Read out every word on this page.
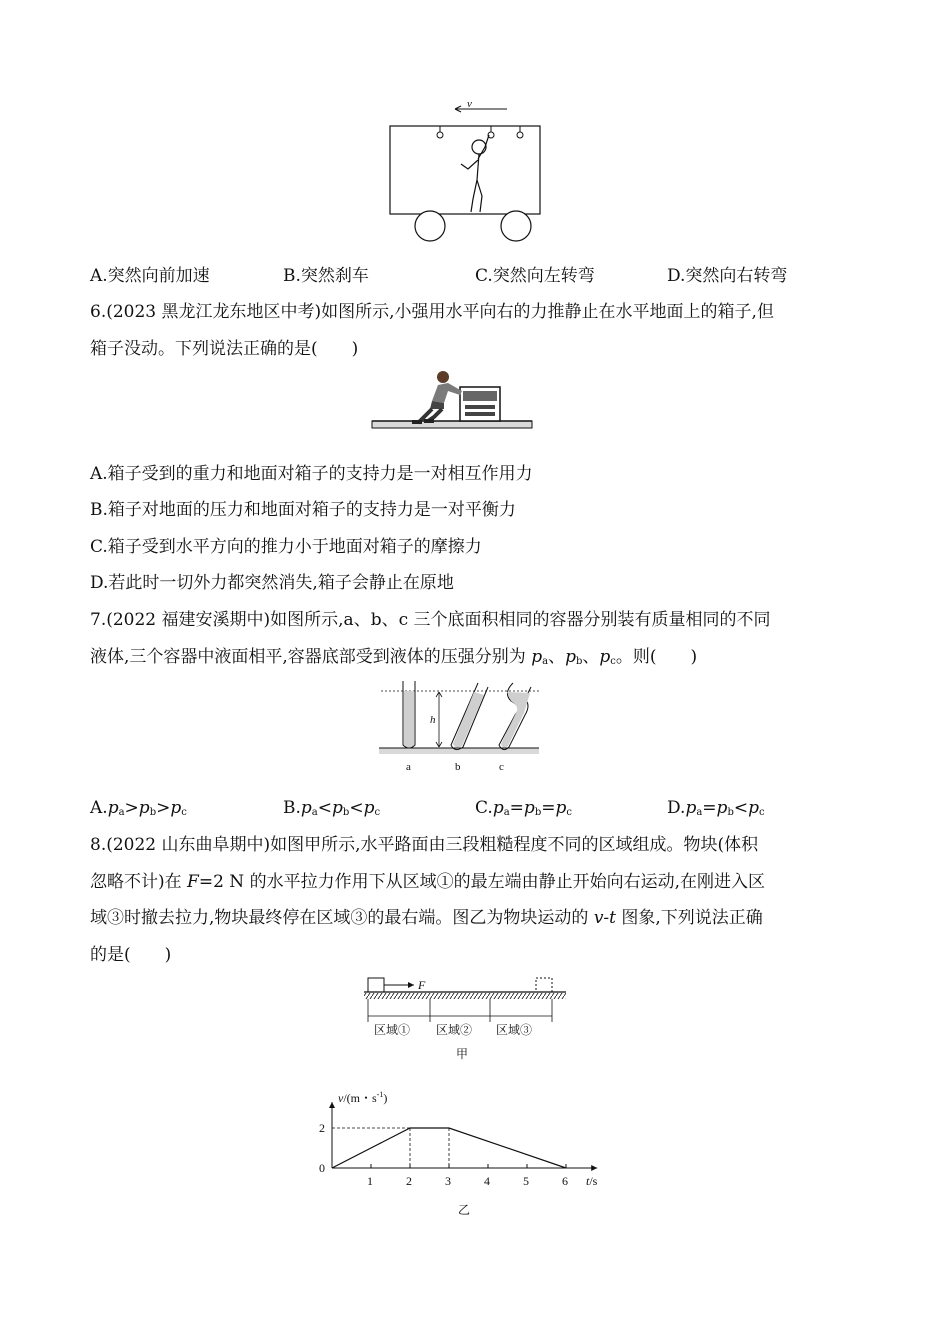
v
A.突然向前加速	B.突然刹车	C.突然向左转弯	D.突然向右转弯
6.(2023 黑龙江龙东地区中考)如图所示,小强用水平向右的力推静止在水平地面上的箱子,但
箱子没动。下列说法正确的是(　　)
A.箱子受到的重力和地面对箱子的支持力是一对相互作用力
B.箱子对地面的压力和地面对箱子的支持力是一对平衡力
C.箱子受到水平方向的推力小于地面对箱子的摩擦力
D.若此时一切外力都突然消失,箱子会静止在原地
7.(2022 福建安溪期中)如图所示,a、b、c 三个底面积相同的容器分别装有质量相同的不同
液体,三个容器中液面相平,容器底部受到液体的压强分别为 $p_a$、$p_b$、$p_c$。则(　　)
h
a	b	c
$A.p_a>p_b>p_c$	$B.p_a<p_b<p_c$	$C.p_a=p_b=p_c$	$D.p_a=p_b<p_c$
8.(2022 山东曲阜期中)如图甲所示,水平路面由三段粗糙程度不同的区域组成。物块(体积
忽略不计)在 F=2 N 的水平拉力作用下从区域①的最左端由静止开始向右运动,在刚进入区
域③时撤去拉力,物块最终停在区域③的最右端。图乙为物块运动的 v-t 图象,下列说法正确
的是(　　)
F
区域① 区域② 区域③
甲
v/(m・$s^{-1}$)
t/s
乙
1	2	3	4	5	6
0
2
